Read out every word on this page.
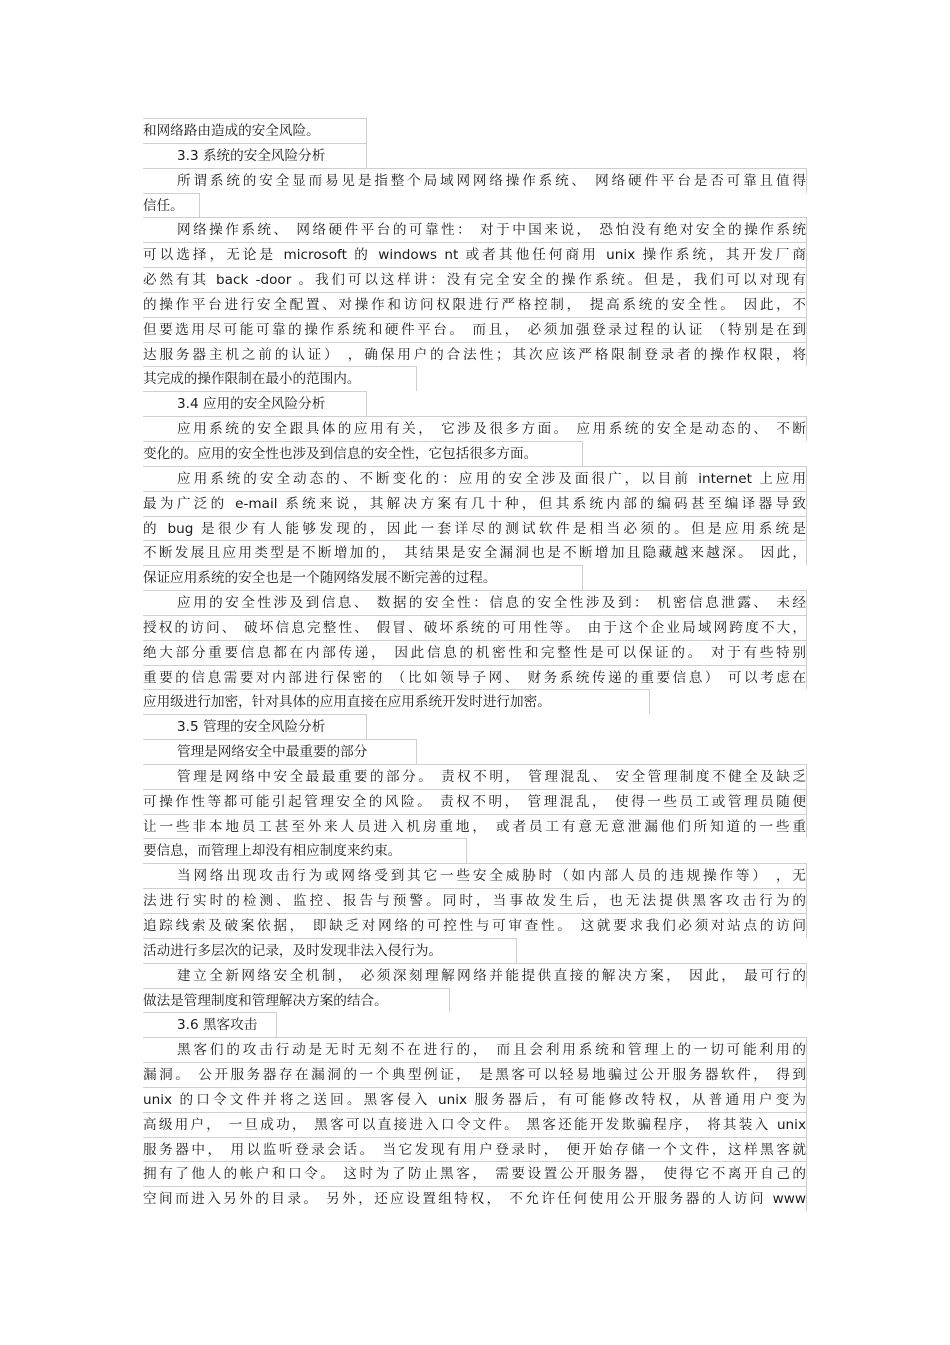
和网络路由造成的安全风险。
3.3 系统的安全风险分析
所谓系统的安全显而易见是指整个局域网网络操作系统、 网络硬件平台是否可靠且值得
信任。
网络操作系统、 网络硬件平台的可靠性： 对于中国来说， 恐怕没有绝对安全的操作系统
可以选择，无论是 microsoft 的 windows nt 或者其他任何商用 unix 操作系统，其开发厂商
必然有其 back -door 。我们可以这样讲：没有完全安全的操作系统。但是，我们可以对现有
的操作平台进行安全配置、对操作和访问权限进行严格控制， 提高系统的安全性。 因此，不
但要选用尽可能可靠的操作系统和硬件平台。 而且， 必须加强登录过程的认证 （特别是在到
达服务器主机之前的认证） ，确保用户的合法性；其次应该严格限制登录者的操作权限，将
其完成的操作限制在最小的范围内。
3.4 应用的安全风险分析
应用系统的安全跟具体的应用有关， 它涉及很多方面。 应用系统的安全是动态的、 不断
变化的。应用的安全性也涉及到信息的安全性，它包括很多方面。
应用系统的安全动态的、不断变化的：应用的安全涉及面很广，以目前 internet 上应用
最为广泛的 e-mail 系统来说，其解决方案有几十种，但其系统内部的编码甚至编译器导致
的 bug 是很少有人能够发现的，因此一套详尽的测试软件是相当必须的。但是应用系统是
不断发展且应用类型是不断增加的， 其结果是安全漏洞也是不断增加且隐藏越来越深。 因此，
保证应用系统的安全也是一个随网络发展不断完善的过程。
应用的安全性涉及到信息、 数据的安全性：信息的安全性涉及到： 机密信息泄露、 未经
授权的访问、 破坏信息完整性、 假冒、破坏系统的可用性等。 由于这个企业局域网跨度不大，
绝大部分重要信息都在内部传递， 因此信息的机密性和完整性是可以保证的。 对于有些特别
重要的信息需要对内部进行保密的 （比如领导子网、 财务系统传递的重要信息） 可以考虑在
应用级进行加密，针对具体的应用直接在应用系统开发时进行加密。
3.5 管理的安全风险分析
管理是网络安全中最重要的部分
管理是网络中安全最最重要的部分。 责权不明， 管理混乱、 安全管理制度不健全及缺乏
可操作性等都可能引起管理安全的风险。 责权不明， 管理混乱， 使得一些员工或管理员随便
让一些非本地员工甚至外来人员进入机房重地， 或者员工有意无意泄漏他们所知道的一些重
要信息，而管理上却没有相应制度来约束。
当网络出现攻击行为或网络受到其它一些安全威胁时（如内部人员的违规操作等） ，无
法进行实时的检测、监控、报告与预警。同时，当事故发生后，也无法提供黑客攻击行为的
追踪线索及破案依据， 即缺乏对网络的可控性与可审查性。 这就要求我们必须对站点的访问
活动进行多层次的记录，及时发现非法入侵行为。
建立全新网络安全机制， 必须深刻理解网络并能提供直接的解决方案， 因此， 最可行的
做法是管理制度和管理解决方案的结合。
3.6 黑客攻击
黑客们的攻击行动是无时无刻不在进行的， 而且会利用系统和管理上的一切可能利用的
漏洞。 公开服务器存在漏洞的一个典型例证， 是黑客可以轻易地骗过公开服务器软件， 得到
unix 的口令文件并将之送回。黑客侵入 unix 服务器后，有可能修改特权，从普通用户变为
高级用户， 一旦成功， 黑客可以直接进入口令文件。 黑客还能开发欺骗程序， 将其装入 unix
服务器中， 用以监听登录会话。 当它发现有用户登录时， 便开始存储一个文件，这样黑客就
拥有了他人的帐户和口令。 这时为了防止黑客， 需要设置公开服务器， 使得它不离开自己的
空间而进入另外的目录。 另外，还应设置组特权， 不允许任何使用公开服务器的人访问 www
